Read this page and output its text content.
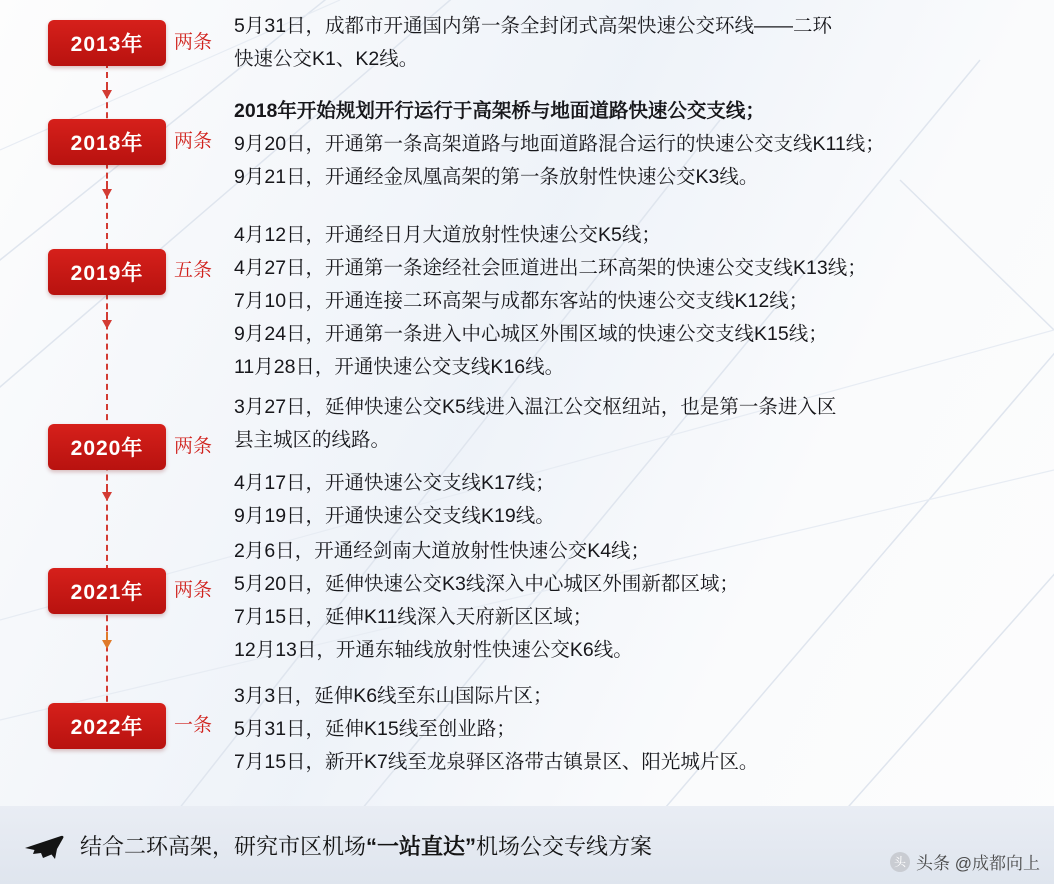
2013年	两条
5月31日，成都市开通国内第一条全封闭式高架快速公交环线——二环
快速公交K1、K2线。
2018年	两条
2018年开始规划开行运行于高架桥与地面道路快速公交支线；
9月20日，开通第一条高架道路与地面道路混合运行的快速公交支线K11线；
9月21日，开通经金凤凰高架的第一条放射性快速公交K3线。
2019年	五条
4月12日，开通经日月大道放射性快速公交K5线；
4月27日，开通第一条途经社会匝道进出二环高架的快速公交支线K13线；
7月10日，开通连接二环高架与成都东客站的快速公交支线K12线；
9月24日，开通第一条进入中心城区外围区域的快速公交支线K15线；
11月28日，开通快速公交支线K16线。
2020年	两条
3月27日，延伸快速公交K5线进入温江公交枢纽站，也是第一条进入区
县主城区的线路。
4月17日，开通快速公交支线K17线；
9月19日，开通快速公交支线K19线。
2021年	两条
2月6日，开通经剑南大道放射性快速公交K4线；
5月20日，延伸快速公交K3线深入中心城区外围新都区域；
7月15日，延伸K11线深入天府新区区域；
12月13日，开通东轴线放射性快速公交K6线。
2022年	一条
3月3日，延伸K6线至东山国际片区；
5月31日，延伸K15线至创业路；
7月15日，新开K7线至龙泉驿区洛带古镇景区、阳光城片区。
结合二环高架，研究市区机场“一站直达”机场公交专线方案
头 头条 @成都向上
